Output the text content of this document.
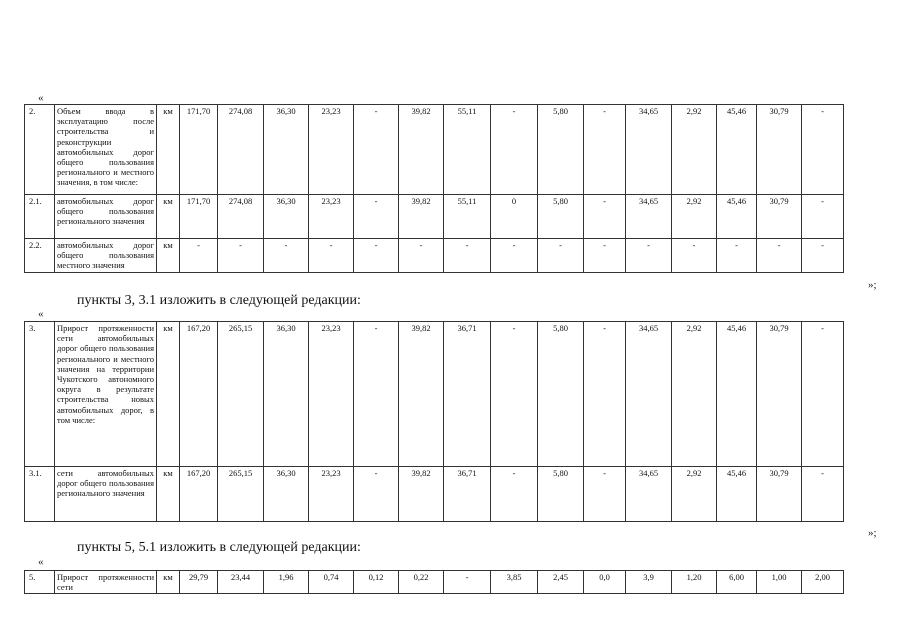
«
2.	Объем ввода в эксплуатацию после строительства и реконструкции автомобильных дорог общего пользования регионального и местного значения, в том числе:	км	171,70	274,08	36,30	23,23	-	39,82	55,11	-	5,80	-	34,65	2,92	45,46	30,79	-
2.1.	автомобильных дорог общего пользования регионального значения	км	171,70	274,08	36,30	23,23	-	39,82	55,11	0	5,80	-	34,65	2,92	45,46	30,79	-
2.2.	автомобильных дорог общего пользования местного значения	км	-	-	-	-	-	-	-	-	-	-	-	-	-	-	-
»;
пункты 3, 3.1 изложить в следующей редакции:
«
3.	Прирост протяженности сети автомобильных дорог общего пользования регионального и местного значения на территории Чукотского автономного округа в результате строительства новых автомобильных дорог, в том числе:	км	167,20	265,15	36,30	23,23	-	39,82	36,71	-	5,80	-	34,65	2,92	45,46	30,79	-
3.1.	сети автомобильных дорог общего пользования регионального значения	км	167,20	265,15	36,30	23,23	-	39,82	36,71	-	5,80	-	34,65	2,92	45,46	30,79	-
»;
пункты 5, 5.1 изложить в следующей редакции:
«
5.	Прирост протяженности сети	км	29,79	23,44	1,96	0,74	0,12	0,22	-	3,85	2,45	0,0	3,9	1,20	6,00	1,00	2,00
